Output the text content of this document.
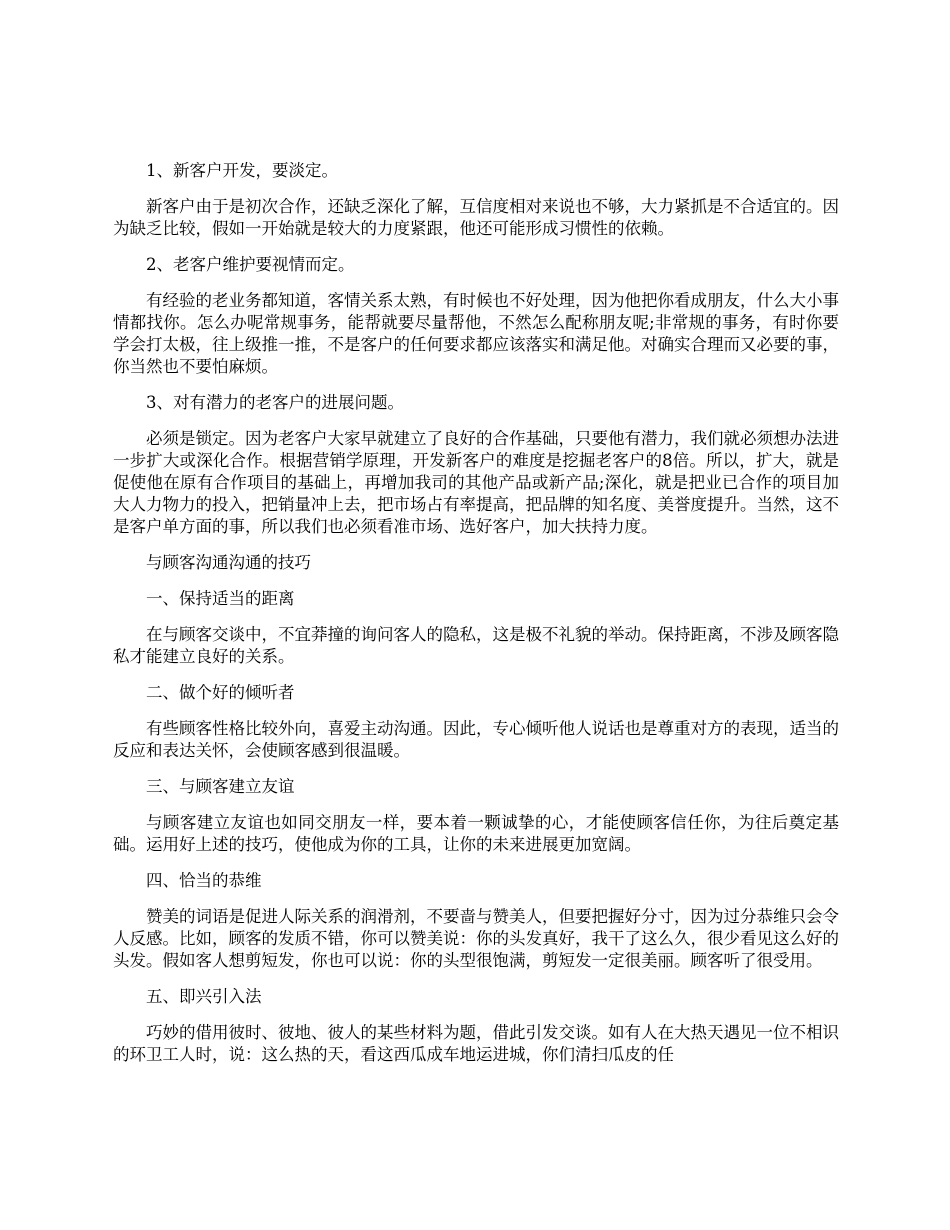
1、新客户开发，要淡定。

新客户由于是初次合作，还缺乏深化了解，互信度相对来说也不够，大力紧抓是不合适宜的。因为缺乏比较，假如一开始就是较大的力度紧跟，他还可能形成习惯性的依赖。

2、老客户维护要视情而定。

有经验的老业务都知道，客情关系太熟，有时候也不好处理，因为他把你看成朋友，什么大小事情都找你。怎么办呢常规事务，能帮就要尽量帮他，不然怎么配称朋友呢;非常规的事务，有时你要学会打太极，往上级推一推，不是客户的任何要求都应该落实和满足他。对确实合理而又必要的事，你当然也不要怕麻烦。

3、对有潜力的老客户的进展问题。

必须是锁定。因为老客户大家早就建立了良好的合作基础，只要他有潜力，我们就必须想办法进一步扩大或深化合作。根据营销学原理，开发新客户的难度是挖掘老客户的8倍。所以，扩大，就是促使他在原有合作项目的基础上，再增加我司的其他产品或新产品;深化，就是把业已合作的项目加大人力物力的投入，把销量冲上去，把市场占有率提高，把品牌的知名度、美誉度提升。当然，这不是客户单方面的事，所以我们也必须看准市场、选好客户，加大扶持力度。

与顾客沟通沟通的技巧

一、保持适当的距离

在与顾客交谈中，不宜莽撞的询问客人的隐私，这是极不礼貌的举动。保持距离，不涉及顾客隐私才能建立良好的关系。

二、做个好的倾听者

有些顾客性格比较外向，喜爱主动沟通。因此，专心倾听他人说话也是尊重对方的表现，适当的反应和表达关怀，会使顾客感到很温暖。

三、与顾客建立友谊

与顾客建立友谊也如同交朋友一样，要本着一颗诚挚的心，才能使顾客信任你，为往后奠定基础。运用好上述的技巧，使他成为你的工具，让你的未来进展更加宽阔。

四、恰当的恭维

赞美的词语是促进人际关系的润滑剂，不要啬与赞美人，但要把握好分寸，因为过分恭维只会令人反感。比如，顾客的发质不错，你可以赞美说：你的头发真好，我干了这么久，很少看见这么好的头发。假如客人想剪短发，你也可以说：你的头型很饱满，剪短发一定很美丽。顾客听了很受用。

五、即兴引入法

巧妙的借用彼时、彼地、彼人的某些材料为题，借此引发交谈。如有人在大热天遇见一位不相识的环卫工人时，说：这么热的天，看这西瓜成车地运进城，你们清扫瓜皮的任
